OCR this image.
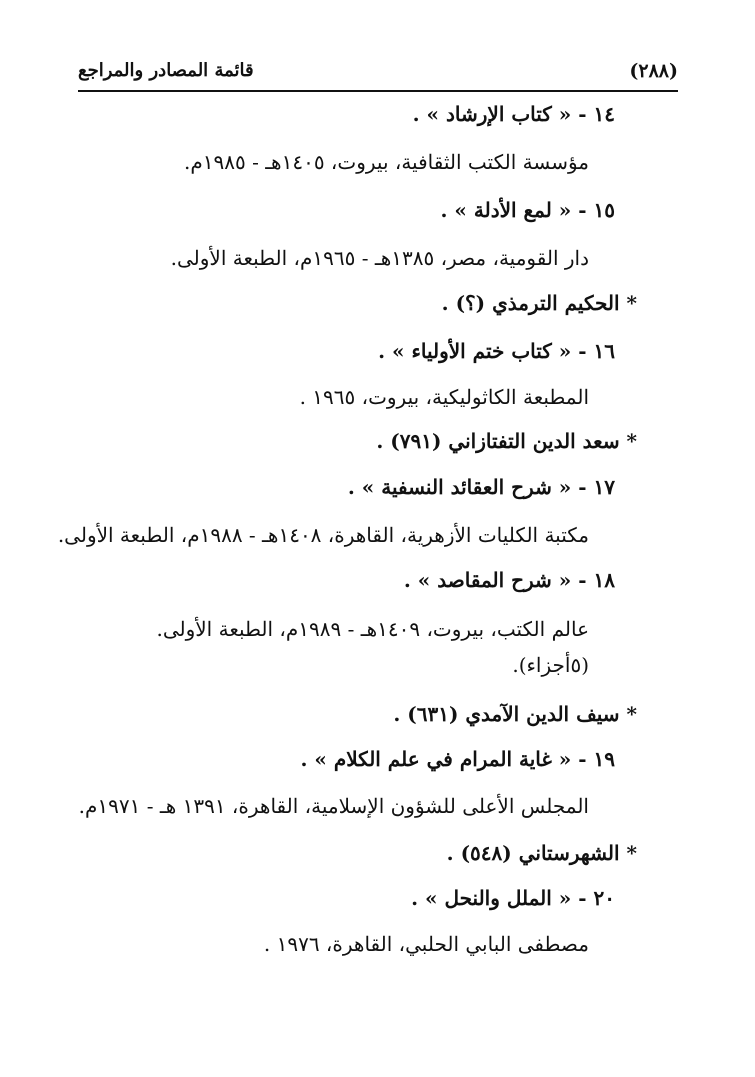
(٢٨٨)
قائمة المصادر والمراجع
١٤ - « كتاب الإرشاد » .
مؤسسة الكتب الثقافية، بيروت، ١٤٠٥هـ - ١٩٨٥م.
١٥ - « لمع الأدلة » .
دار القومية، مصر، ١٣٨٥هـ - ١٩٦٥م، الطبعة الأولى.
* الحكيم الترمذي (؟) .
١٦ - « كتاب ختم الأولياء » .
المطبعة الكاثوليكية، بيروت، ١٩٦٥ .
* سعد الدين التفتازاني (٧٩١) .
١٧ - « شرح العقائد النسفية » .
مكتبة الكليات الأزهرية، القاهرة، ١٤٠٨هـ - ١٩٨٨م، الطبعة الأولى.
١٨ - « شرح المقاصد » .
عالم الكتب، بيروت، ١٤٠٩هـ - ١٩٨٩م، الطبعة الأولى.
(٥أجزاء).
* سيف الدين الآمدي (٦٣١) .
١٩ - « غاية المرام في علم الكلام » .
المجلس الأعلى للشؤون الإسلامية، القاهرة، ١٣٩١ هـ - ١٩٧١م.
* الشهرستاني (٥٤٨) .
٢٠ - « الملل والنحل » .
مصطفى البابي الحلبي، القاهرة، ١٩٧٦ .
